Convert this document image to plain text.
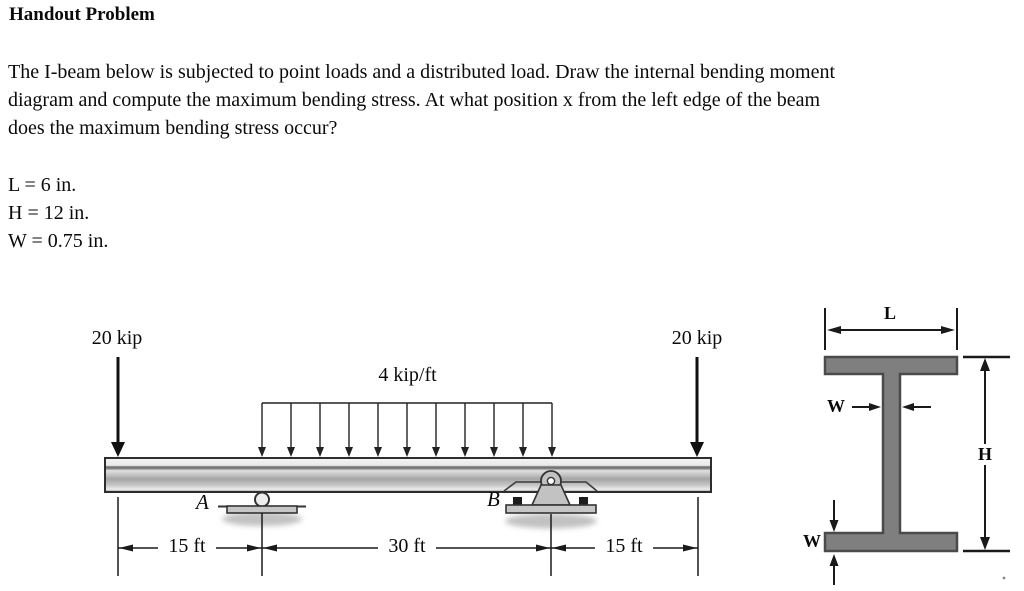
Handout Problem
The I-beam below is subjected to point loads and a distributed load. Draw the internal bending moment
diagram and compute the maximum bending stress. At what position x from the left edge of the beam
does the maximum bending stress occur?
L = 6 in.
H = 12 in.
W = 0.75 in.
20 kip	20 kip
4 kip/ft
A	B
15 ft	30 ft	15 ft
L
W
H
W
